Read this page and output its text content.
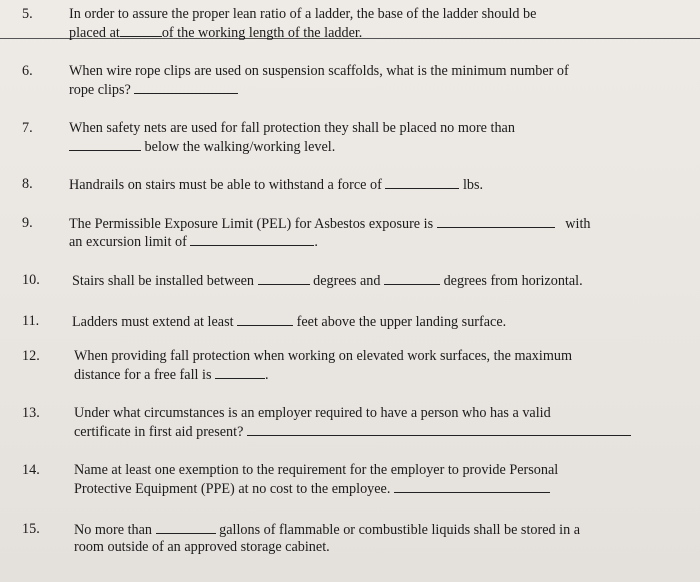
5.	In order to assure the proper lean ratio of a ladder, the base of the ladder should be
placed at	of the working length of the ladder.
6.	When wire rope clips are used on suspension scaffolds, what is the minimum number of
rope clips?
7.	When safety nets are used for fall protection they shall be placed no more than
below the walking/working level.
8.	Handrails on stairs must be able to withstand a force of	lbs.
9.	The Permissible Exposure Limit (PEL) for Asbestos exposure is	with
an excursion limit of	.
10. Stairs shall be installed between	degrees and	degrees from horizontal.
11. Ladders must extend at least	feet above the upper landing surface.
12. When providing fall protection when working on elevated work surfaces, the maximum
distance for a free fall is	.
13. Under what circumstances is an employer required to have a person who has a valid
certificate in first aid present?
14. Name at least one exemption to the requirement for the employer to provide Personal
Protective Equipment (PPE) at no cost to the employee.
15. No more than	gallons of flammable or combustible liquids shall be stored in a
room outside of an approved storage cabinet.
